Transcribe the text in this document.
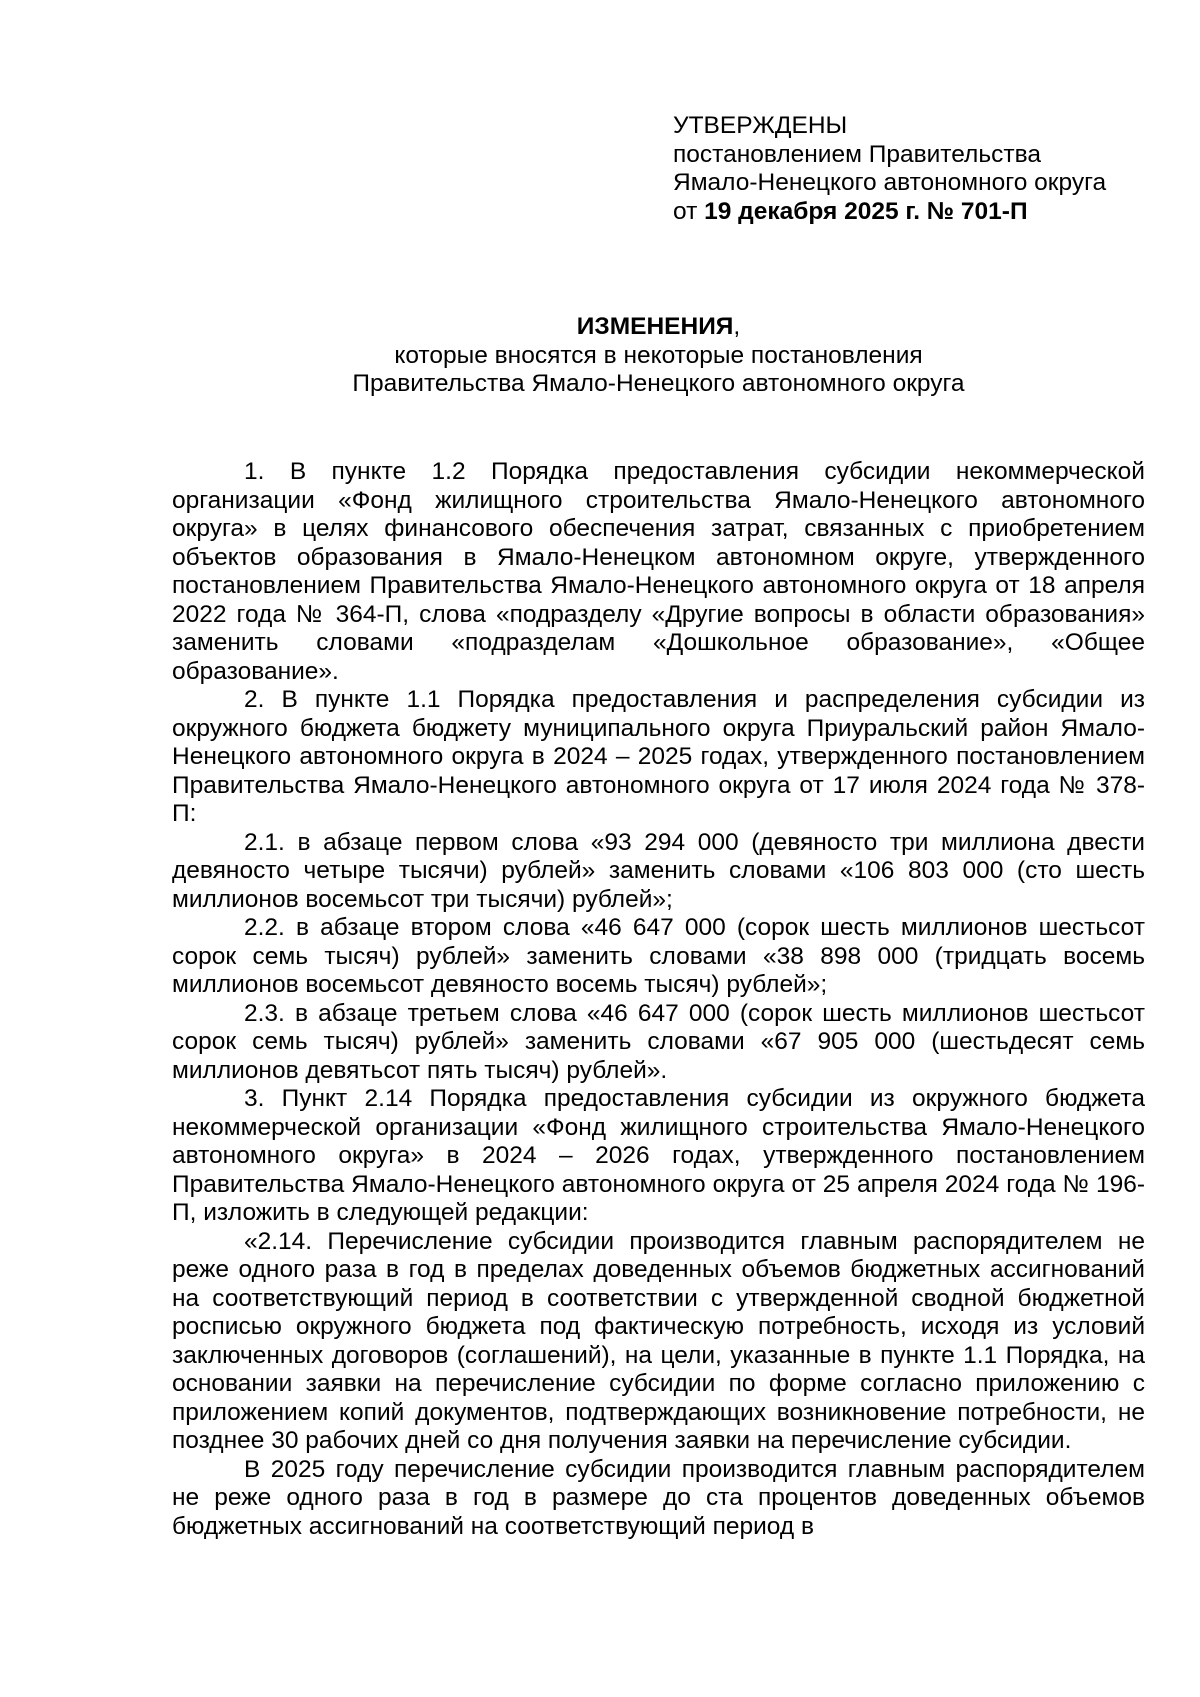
УТВЕРЖДЕНЫ

постановлением Правительства

Ямало-Ненецкого автономного округа

от 19 декабря 2025 г. № 701-П

ИЗМЕНЕНИЯ,

которые вносятся в некоторые постановления

Правительства Ямало-Ненецкого автономного округа

1. В пункте 1.2 Порядка предоставления субсидии некоммерческой организации «Фонд жилищного строительства Ямало-Ненецкого автономного округа» в целях финансового обеспечения затрат, связанных с приобретением объектов образования в Ямало-Ненецком автономном округе, утвержденного постановлением Правительства Ямало-Ненецкого автономного округа от 18 апреля 2022 года № 364-П, слова «подразделу «Другие вопросы в области образования» заменить словами «подразделам «Дошкольное образование», «Общее образование».

2. В пункте 1.1 Порядка предоставления и распределения субсидии из окружного бюджета бюджету муниципального округа Приуральский район Ямало-Ненецкого автономного округа в 2024 – 2025 годах, утвержденного постановлением Правительства Ямало-Ненецкого автономного округа от 17 июля 2024 года № 378-П:

2.1. в абзаце первом слова «93 294 000 (девяносто три миллиона двести девяносто четыре тысячи) рублей» заменить словами «106 803 000 (сто шесть миллионов восемьсот три тысячи) рублей»;

2.2. в абзаце втором слова «46 647 000 (сорок шесть миллионов шестьсот сорок семь тысяч) рублей» заменить словами «38 898 000 (тридцать восемь миллионов восемьсот девяносто восемь тысяч) рублей»;

2.3. в абзаце третьем слова «46 647 000 (сорок шесть миллионов шестьсот сорок семь тысяч) рублей» заменить словами «67 905 000 (шестьдесят семь миллионов девятьсот пять тысяч) рублей».

3. Пункт 2.14 Порядка предоставления субсидии из окружного бюджета некоммерческой организации «Фонд жилищного строительства Ямало-Ненецкого автономного округа» в 2024 – 2026 годах, утвержденного постановлением Правительства Ямало-Ненецкого автономного округа от 25 апреля 2024 года № 196-П, изложить в следующей редакции:

«2.14. Перечисление субсидии производится главным распорядителем не реже одного раза в год в пределах доведенных объемов бюджетных ассигнований на соответствующий период в соответствии с утвержденной сводной бюджетной росписью окружного бюджета под фактическую потребность, исходя из условий заключенных договоров (соглашений), на цели, указанные в пункте 1.1 Порядка, на основании заявки на перечисление субсидии по форме согласно приложению с приложением копий документов, подтверждающих возникновение потребности, не позднее 30 рабочих дней со дня получения заявки на перечисление субсидии.

В 2025 году перечисление субсидии производится главным распорядителем не реже одного раза в год в размере до ста процентов доведенных объемов бюджетных ассигнований на соответствующий период в
